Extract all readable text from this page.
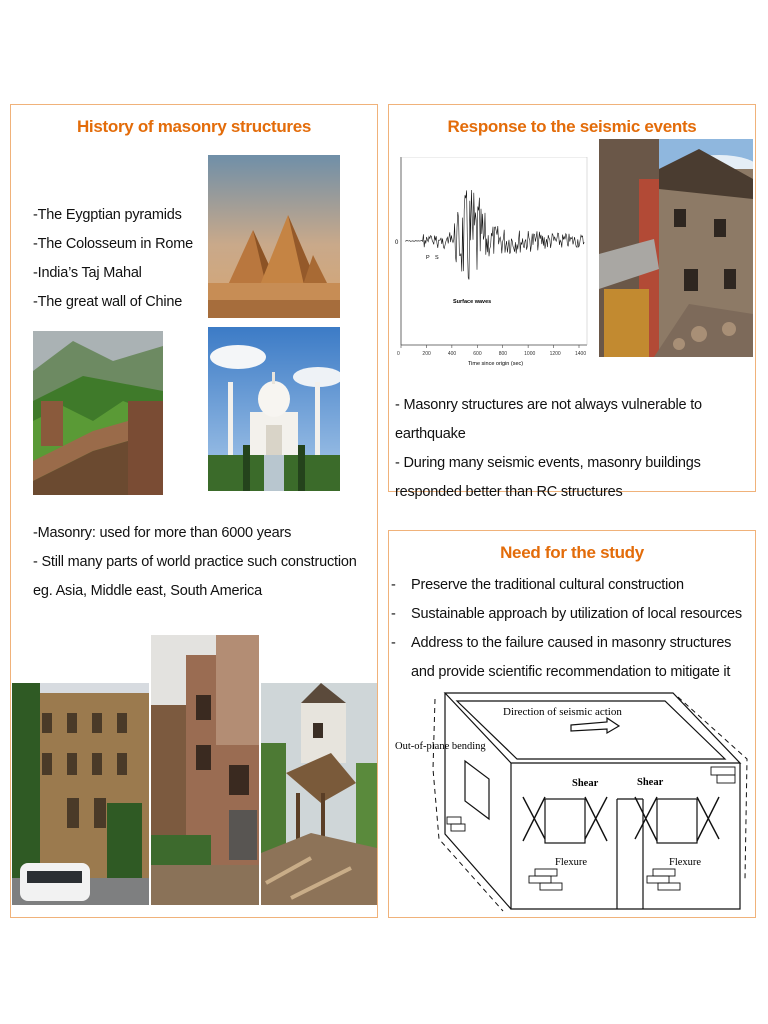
History of masonry structures
-The Eygptian pyramids
-The Colosseum in Rome
-India’s Taj Mahal
-The great wall of Chine
-Masonry: used for more than 6000 years
- Still many parts of world practice such construction eg. Asia, Middle east, South America
Response to the seismic events
0
P S
Surface waves
0	200	400	600	800	1000	1200	1400
Time since origin (sec)
- Masonry structures are not always vulnerable to earthquake
- During many seismic events, masonry buildings responded better than RC structures
Need for the study
-	Preserve the traditional cultural construction
-	Sustainable approach by utilization of local resources
-	Address to the failure caused in masonry structures and provide scientific recommendation to mitigate it
Direction of seismic action
Out-of-plane bending
Shear	Shear
Flexure	Flexure
